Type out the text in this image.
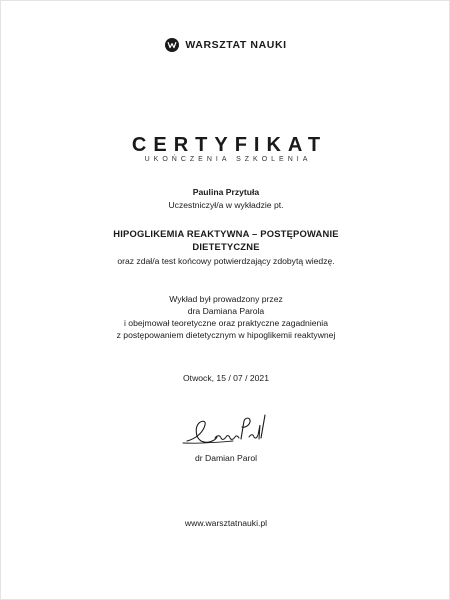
WARSZTAT NAUKI
CERTYFIKAT
UKOŃCZENIA SZKOLENIA
Paulina Przytuła
Uczestniczył/a w wykładzie pt.
HIPOGLIKEMIA REAKTYWNA – POSTĘPOWANIE
DIETETYCZNE
oraz zdał/a test końcowy potwierdzający zdobytą wiedzę.
Wykład był prowadzony przez
dra Damiana Parola
i obejmował teoretyczne oraz praktyczne zagadnienia
z postępowaniem dietetycznym w hipoglikemii reaktywnej
Otwock, 15 / 07 / 2021
dr Damian Parol
www.warsztatnauki.pl
